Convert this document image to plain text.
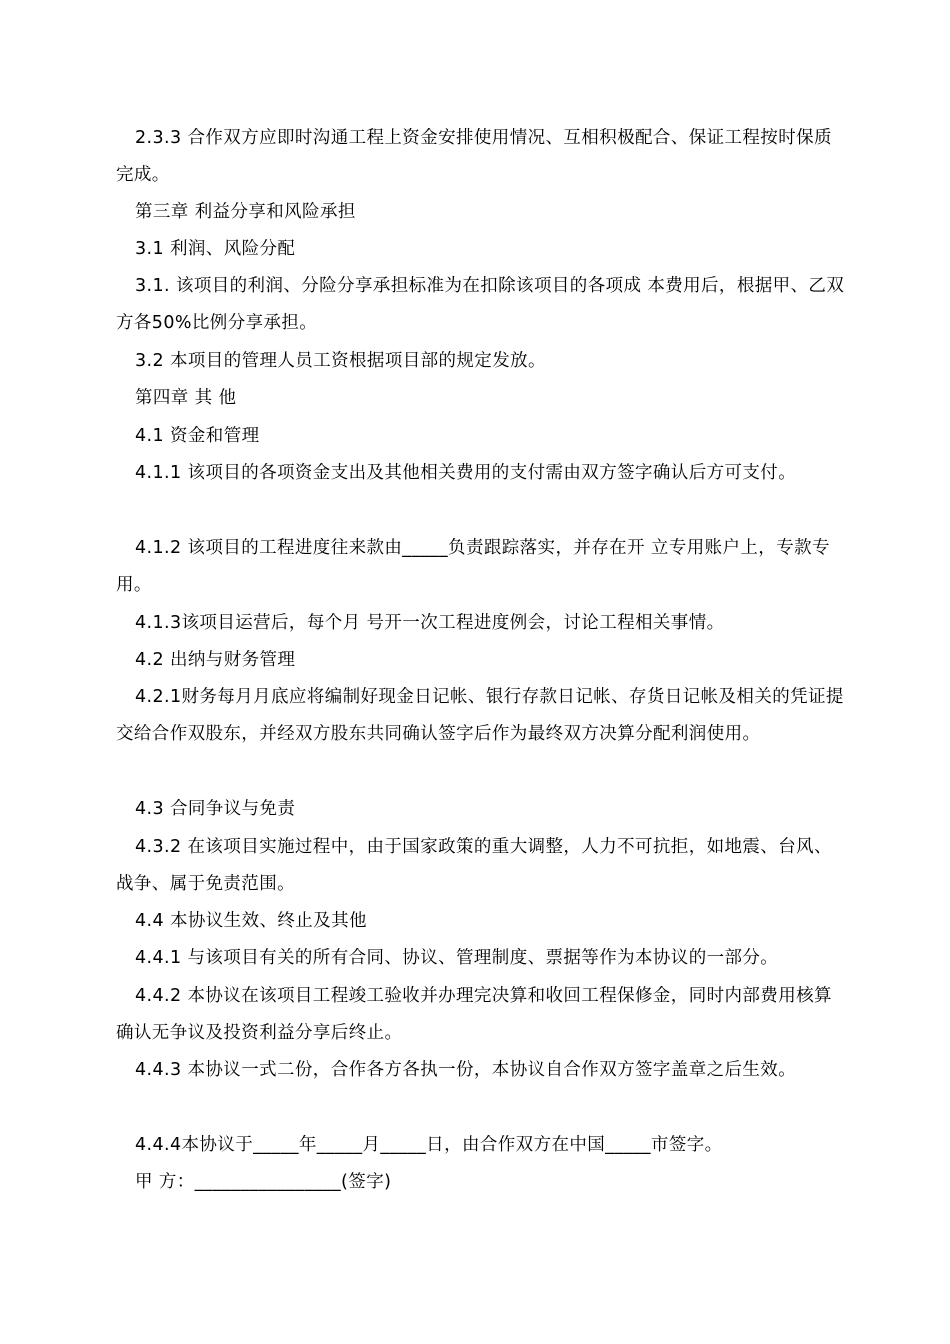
2.3.3 合作双方应即时沟通工程上资金安排使用情况、互相积极配合、保证工程按时保质完成。

第三章 利益分享和风险承担

3.1 利润、风险分配

3.1. 该项目的利润、分险分享承担标准为在扣除该项目的各项成 本费用后，根据甲、乙双方各50%比例分享承担。

3.2 本项目的管理人员工资根据项目部的规定发放。

第四章 其 他

4.1 资金和管理

4.1.1 该项目的各项资金支出及其他相关费用的支付需由双方签字确认后方可支付。

4.1.2 该项目的工程进度往来款由_____负责跟踪落实，并存在开 立专用账户上，专款专用。

4.1.3该项目运营后，每个月 号开一次工程进度例会，讨论工程相关事情。

4.2 出纳与财务管理

4.2.1财务每月月底应将编制好现金日记帐、银行存款日记帐、存货日记帐及相关的凭证提交给合作双股东，并经双方股东共同确认签字后作为最终双方决算分配利润使用。

4.3 合同争议与免责

4.3.2 在该项目实施过程中，由于国家政策的重大调整，人力不可抗拒，如地震、台风、战争、属于免责范围。

4.4 本协议生效、终止及其他

4.4.1 与该项目有关的所有合同、协议、管理制度、票据等作为本协议的一部分。

4.4.2 本协议在该项目工程竣工验收并办理完决算和收回工程保修金，同时内部费用核算确认无争议及投资利益分享后终止。

4.4.3 本协议一式二份，合作各方各执一份，本协议自合作双方签字盖章之后生效。

4.4.4本协议于_____年_____月_____日，由合作双方在中国_____市签字。

甲 方：________________(签字)
